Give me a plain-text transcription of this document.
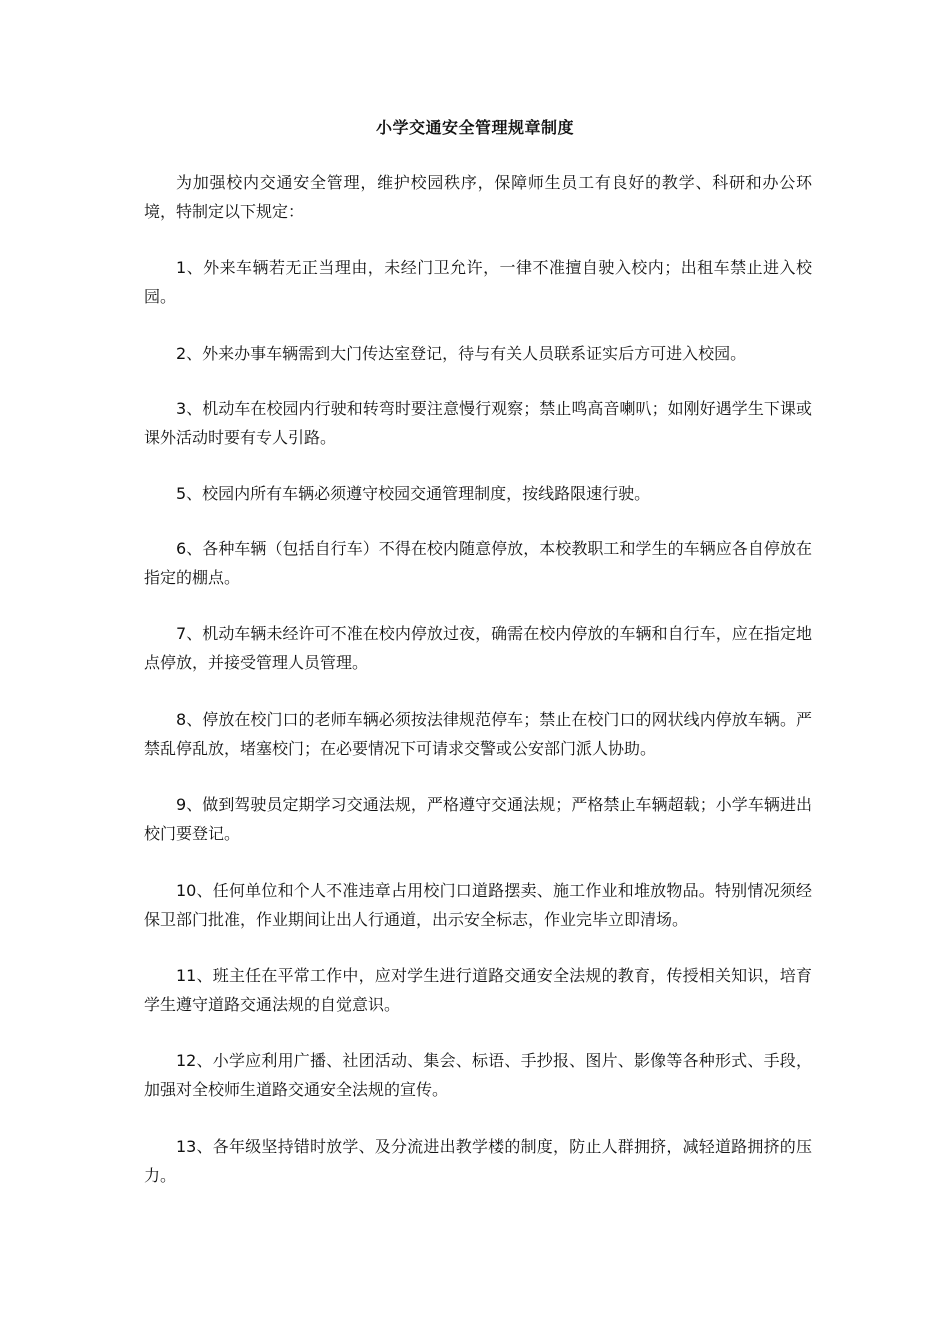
小学交通安全管理规章制度
为加强校内交通安全管理，维护校园秩序，保障师生员工有良好的教学、科研和办公环境，特制定以下规定：
1、外来车辆若无正当理由，未经门卫允许，一律不准擅自驶入校内；出租车禁止进入校园。
2、外来办事车辆需到大门传达室登记，待与有关人员联系证实后方可进入校园。
3、机动车在校园内行驶和转弯时要注意慢行观察；禁止鸣高音喇叭；如刚好遇学生下课或课外活动时要有专人引路。
5、校园内所有车辆必须遵守校园交通管理制度，按线路限速行驶。
6、各种车辆（包括自行车）不得在校内随意停放，本校教职工和学生的车辆应各自停放在指定的棚点。
7、机动车辆未经许可不准在校内停放过夜，确需在校内停放的车辆和自行车，应在指定地点停放，并接受管理人员管理。
8、停放在校门口的老师车辆必须按法律规范停车；禁止在校门口的网状线内停放车辆。严禁乱停乱放，堵塞校门；在必要情况下可请求交警或公安部门派人协助。
9、做到驾驶员定期学习交通法规，严格遵守交通法规；严格禁止车辆超载；小学车辆进出校门要登记。
10、任何单位和个人不准违章占用校门口道路摆卖、施工作业和堆放物品。特别情况须经保卫部门批准，作业期间让出人行通道，出示安全标志，作业完毕立即清场。
11、班主任在平常工作中，应对学生进行道路交通安全法规的教育，传授相关知识，培育学生遵守道路交通法规的自觉意识。
12、小学应利用广播、社团活动、集会、标语、手抄报、图片、影像等各种形式、手段，加强对全校师生道路交通安全法规的宣传。
13、各年级坚持错时放学、及分流进出教学楼的制度，防止人群拥挤，减轻道路拥挤的压力。
